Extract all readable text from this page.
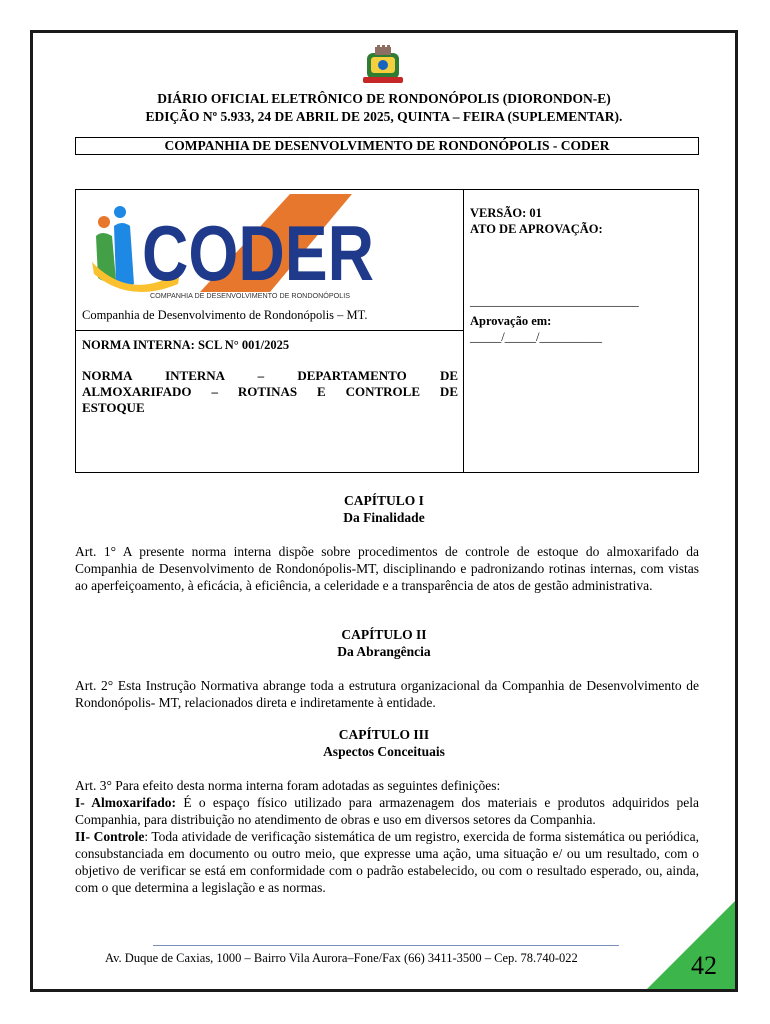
DIÁRIO OFICIAL ELETRÔNICO DE RONDONÓPOLIS (DIORONDON-E)
EDIÇÃO Nº 5.933, 24 DE ABRIL DE 2025, QUINTA – FEIRA (SUPLEMENTAR).
COMPANHIA DE DESENVOLVIMENTO DE RONDONÓPOLIS - CODER
CODER
COMPANHIA DE DESENVOLVIMENTO DE RONDONÓPOLIS
Companhia de Desenvolvimento de Rondonópolis – MT.
NORMA INTERNA: SCL N° 001/2025
NORMA INTERNA – DEPARTAMENTO DE
ALMOXARIFADO – ROTINAS E CONTROLE DE
ESTOQUE
VERSÃO: 01
ATO DE APROVAÇÃO:
___________________________
Aprovação em:
_____/_____/__________
CAPÍTULO I
Da Finalidade
Art. 1° A presente norma interna dispõe sobre procedimentos de controle de estoque do almoxarifado da Companhia de Desenvolvimento de Rondonópolis-MT, disciplinando e padronizando rotinas internas, com vistas ao aperfeiçoamento, à eficácia, à eficiência, a celeridade e a transparência de atos de gestão administrativa.
CAPÍTULO II
Da Abrangência
Art. 2° Esta Instrução Normativa abrange toda a estrutura organizacional da Companhia de Desenvolvimento de Rondonópolis- MT, relacionados direta e indiretamente à entidade.
CAPÍTULO III
Aspectos Conceituais

Art. 3° Para efeito desta norma interna foram adotadas as seguintes definições:

I- Almoxarifado: É o espaço físico utilizado para armazenagem dos materiais e produtos adquiridos pela Companhia, para distribuição no atendimento de obras e uso em diversos setores da Companhia.

II- Controle: Toda atividade de verificação sistemática de um registro, exercida de forma sistemática ou periódica, consubstanciada em documento ou outro meio, que expresse uma ação, uma situação e/ ou um resultado, com o objetivo de verificar se está em conformidade com o padrão estabelecido, ou com o resultado esperado, ou, ainda, com o que determina a legislação e as normas.

Av. Duque de Caxias, 1000 – Bairro Vila Aurora–Fone/Fax (66) 3411-3500 – Cep. 78.740-022	42
